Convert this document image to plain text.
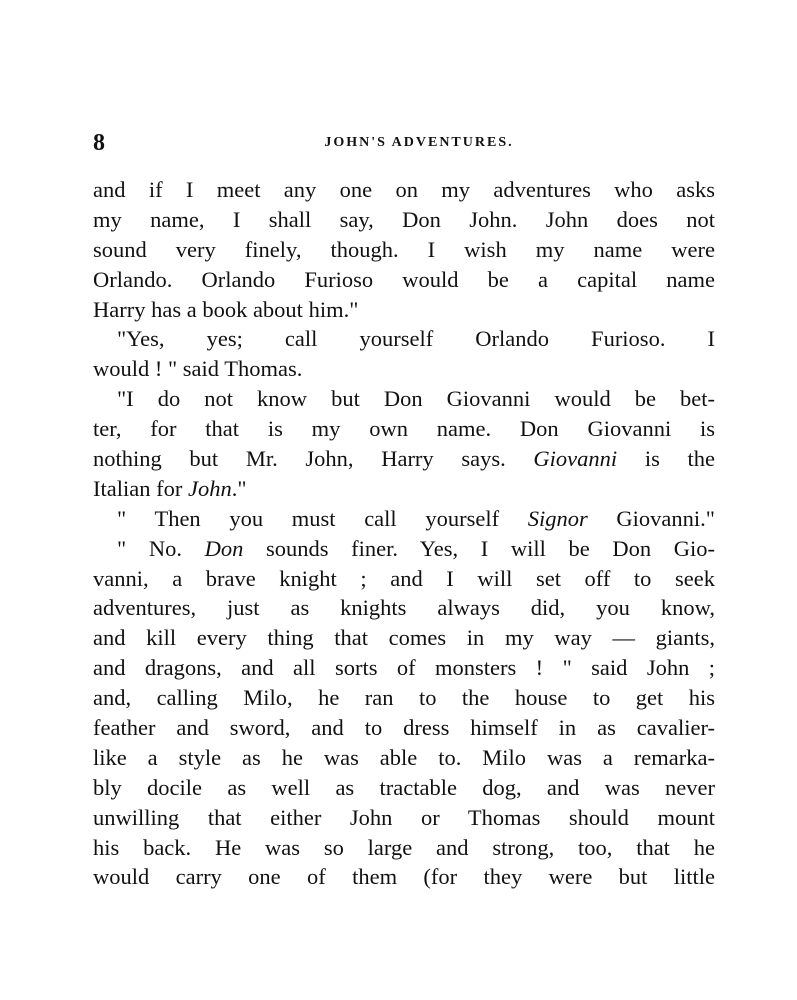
8	JOHN'S ADVENTURES.
and if I meet any one on my adventures who asks
my name, I shall say, Don John. John does not
sound very finely, though. I wish my name were
Orlando. Orlando Furioso would be a capital name
Harry has a book about him."
"Yes, yes; call yourself Orlando Furioso. I
would ! " said Thomas.
"I do not know but Don Giovanni would be bet-
ter, for that is my own name. Don Giovanni is
nothing but Mr. John, Harry says. Giovanni is the
Italian for John."
" Then you must call yourself Signor Giovanni."
" No. Don sounds finer. Yes, I will be Don Gio-
vanni, a brave knight ; and I will set off to seek
adventures, just as knights always did, you know,
and kill every thing that comes in my way — giants,
and dragons, and all sorts of monsters ! " said John ;
and, calling Milo, he ran to the house to get his
feather and sword, and to dress himself in as cavalier-
like a style as he was able to. Milo was a remarka-
bly docile as well as tractable dog, and was never
unwilling that either John or Thomas should mount
his back. He was so large and strong, too, that he
would carry one of them (for they were but little
